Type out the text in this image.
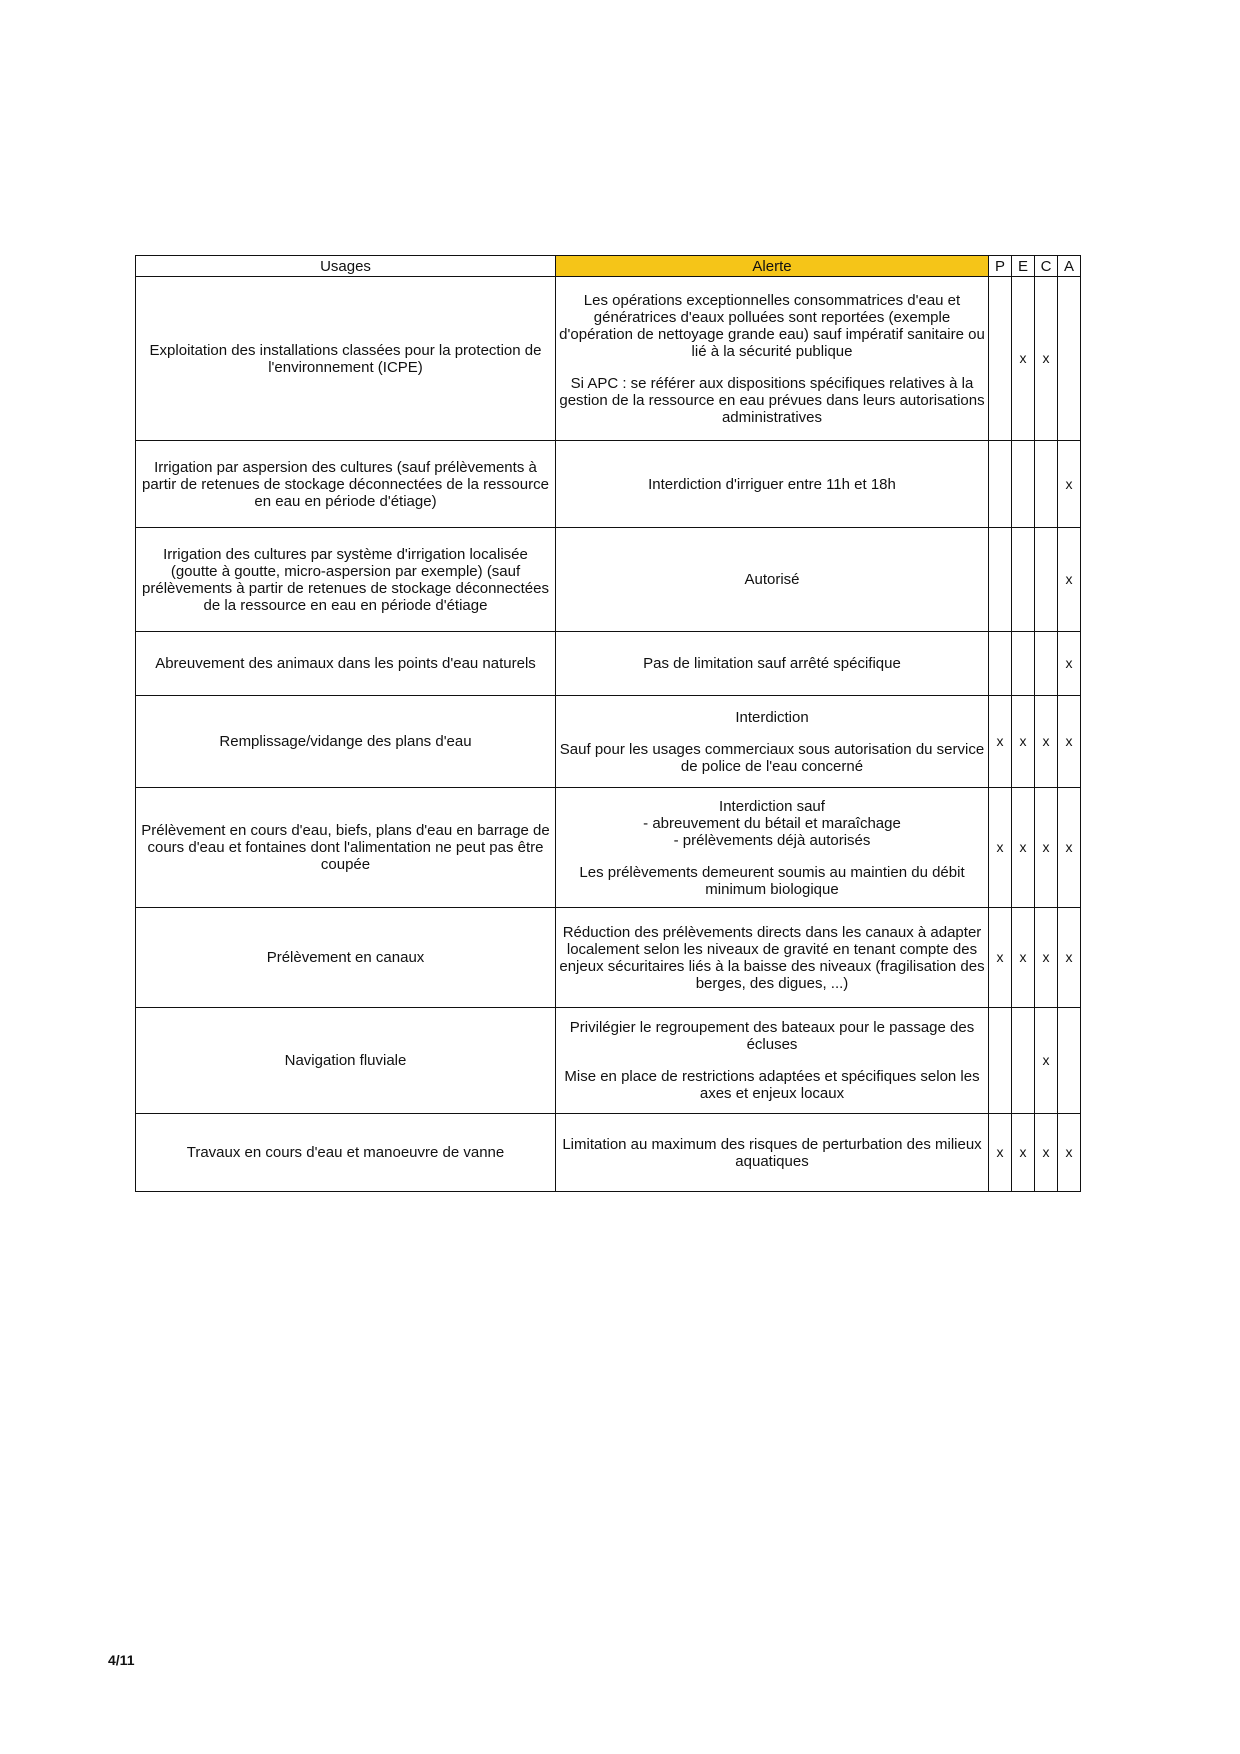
Usages	Alerte	P	E	C	A
Exploitation des installations classées pour la protection de l'environnement (ICPE)	Les opérations exceptionnelles consommatrices d'eau et génératrices d'eaux polluées sont reportées (exemple d'opération de nettoyage grande eau) sauf impératif sanitaire ou lié à la sécurité publique

Si APC : se référer aux dispositions spécifiques relatives à la gestion de la ressource en eau prévues dans leurs autorisations administratives		x	x	
Irrigation par aspersion des cultures (sauf prélèvements à partir de retenues de stockage déconnectées de la ressource en eau en période d'étiage)	Interdiction d'irriguer entre 11h et 18h				x
Irrigation des cultures par système d'irrigation localisée (goutte à goutte, micro-aspersion par exemple) (sauf prélèvements à partir de retenues de stockage déconnectées de la ressource en eau en période d'étiage	Autorisé				x
Abreuvement des animaux dans les points d'eau naturels	Pas de limitation sauf arrêté spécifique				x
Remplissage/vidange des plans d'eau	Interdiction

Sauf pour les usages commerciaux sous autorisation du service de police de l'eau concerné	x	x	x	x
Prélèvement en cours d'eau, biefs, plans d'eau en barrage de cours d'eau et fontaines dont l'alimentation ne peut pas être coupée	Interdiction sauf
- abreuvement du bétail et maraîchage
- prélèvements déjà autorisés

Les prélèvements demeurent soumis au maintien du débit minimum biologique	x	x	x	x
Prélèvement en canaux	Réduction des prélèvements directs dans les canaux à adapter localement selon les niveaux de gravité en tenant compte des enjeux sécuritaires liés à la baisse des niveaux (fragilisation des berges, des digues, ...)	x	x	x	x
Navigation fluviale	Privilégier le regroupement des bateaux pour le passage des écluses

Mise en place de restrictions adaptées et spécifiques selon les axes et enjeux locaux			x	
Travaux en cours d'eau et manoeuvre de vanne	Limitation au maximum des risques de perturbation des milieux aquatiques	x	x	x	x
4/11
